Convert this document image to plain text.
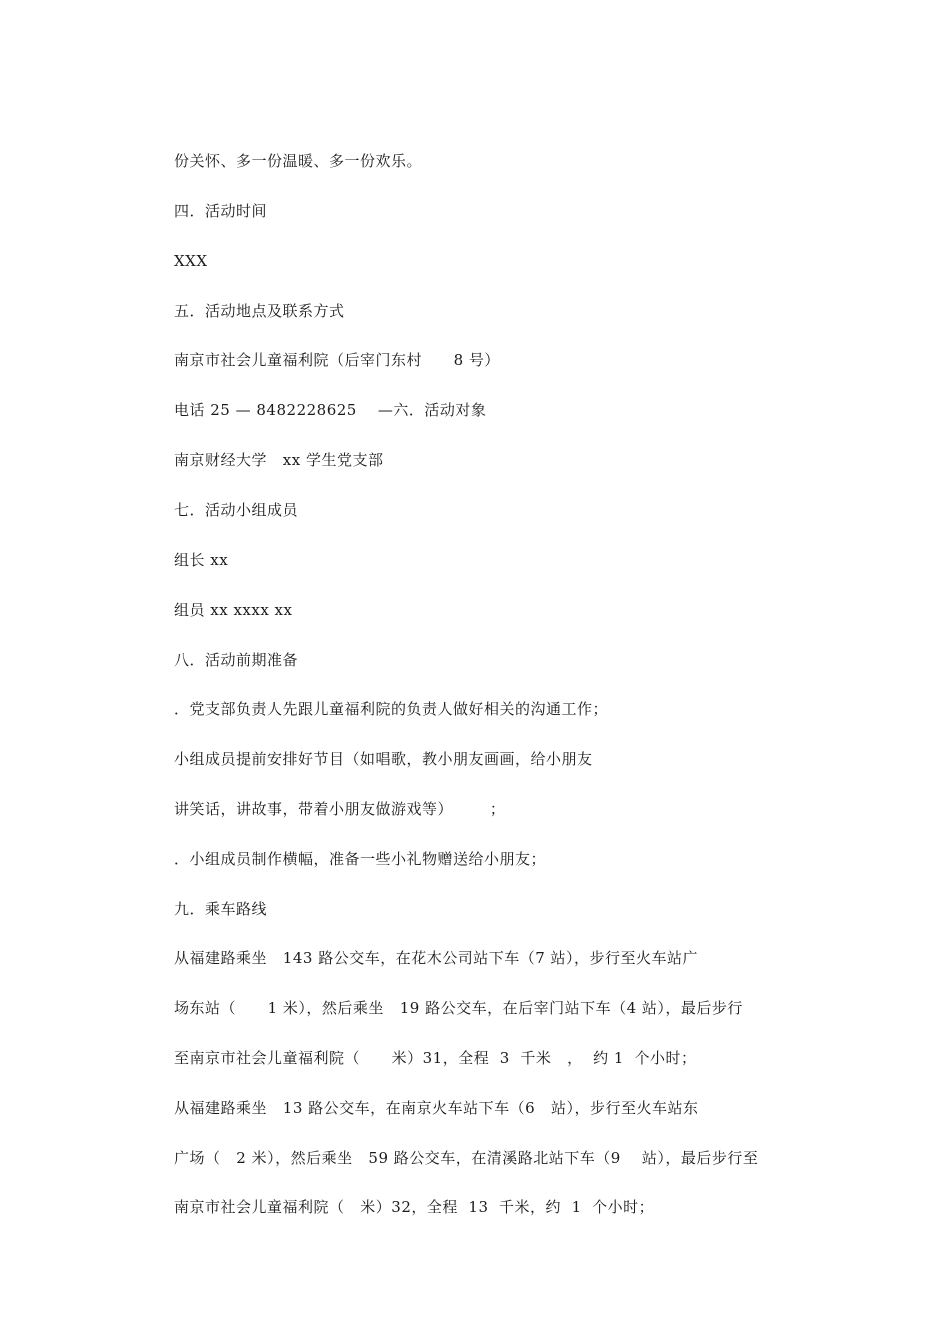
份关怀、多一份温暖、多一份欢乐。
四．活动时间
XXX
五．活动地点及联系方式
南京市社会儿童福利院（后宰门东村      8 号）
电话 25 — 8482228625    —六．活动对象
南京财经大学   xx 学生党支部
七．活动小组成员
组长 xx
组员 xx xxxx xx
八．活动前期准备
．党支部负责人先跟儿童福利院的负责人做好相关的沟通工作；
小组成员提前安排好节目（如唱歌，教小朋友画画，给小朋友
讲笑话，讲故事，带着小朋友做游戏等）       ；
．小组成员制作横幅，准备一些小礼物赠送给小朋友；
九．乘车路线
从福建路乘坐   143 路公交车，在花木公司站下车（7 站），步行至火车站广
场东站（      1 米），然后乘坐   19 路公交车，在后宰门站下车（4 站），最后步行
至南京市社会儿童福利院（      米）31，全程  3  千米   ，  约 1  个小时；
从福建路乘坐   13 路公交车，在南京火车站下车（6   站），步行至火车站东
广场（   2 米），然后乘坐   59 路公交车，在清溪路北站下车（9    站），最后步行至
南京市社会儿童福利院（   米）32，全程  13  千米，约  1  个小时；
